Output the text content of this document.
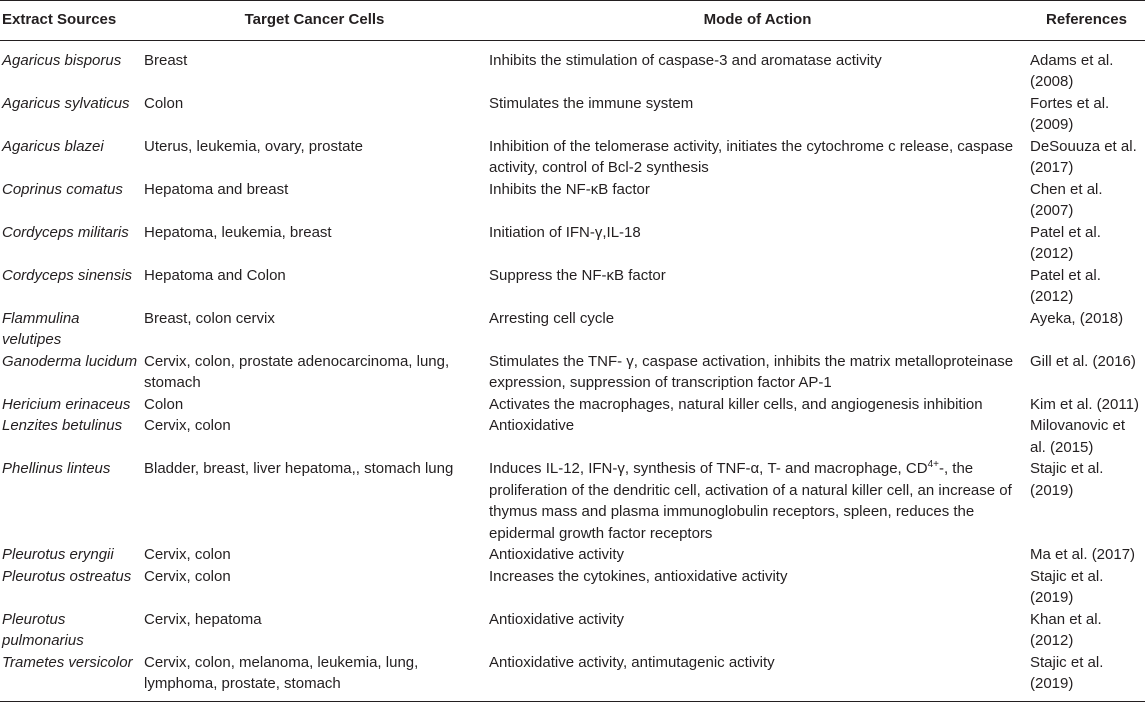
Extract Sources	Target Cancer Cells	Mode of Action	References
Agaricus bisporus	Breast	Inhibits the stimulation of caspase-3 and aromatase activity	Adams et al. (2008)
Agaricus sylvaticus	Colon	Stimulates the immune system	Fortes et al. (2009)
Agaricus blazei	Uterus, leukemia, ovary, prostate	Inhibition of the telomerase activity, initiates the cytochrome c release, caspase activity, control of Bcl-2 synthesis	DeSouuza et al. (2017)
Coprinus comatus	Hepatoma and breast	Inhibits the NF-κB factor	Chen et al. (2007)
Cordyceps militaris	Hepatoma, leukemia, breast	Initiation of IFN-γ,IL-18	Patel et al. (2012)
Cordyceps sinensis	Hepatoma and Colon	Suppress the NF-κB factor	Patel et al. (2012)
Flammulina velutipes	Breast, colon cervix	Arresting cell cycle	Ayeka, (2018)
Ganoderma lucidum	Cervix, colon, prostate adenocarcinoma, lung, stomach	Stimulates the TNF- γ, caspase activation, inhibits the matrix metalloproteinase expression, suppression of transcription factor AP-1	Gill et al. (2016)
Hericium erinaceus	Colon	Activates the macrophages, natural killer cells, and angiogenesis inhibition	Kim et al. (2011)
Lenzites betulinus	Cervix, colon	Antioxidative	Milovanovic et al. (2015)
Phellinus linteus	Bladder, breast, liver hepatoma,, stomach lung	Induces IL-12, IFN-γ, synthesis of TNF-α, T- and macrophage, $CD^{4+}-$, the proliferation of the dendritic cell, activation of a natural killer cell, an increase of thymus mass and plasma immunoglobulin receptors, spleen, reduces the epidermal growth factor receptors	Stajic et al. (2019)
Pleurotus eryngii	Cervix, colon	Antioxidative activity	Ma et al. (2017)
Pleurotus ostreatus	Cervix, colon	Increases the cytokines, antioxidative activity	Stajic et al. (2019)
Pleurotus pulmonarius	Cervix, hepatoma	Antioxidative activity	Khan et al. (2012)
Trametes versicolor	Cervix, colon, melanoma, leukemia, lung, lymphoma, prostate, stomach	Antioxidative activity, antimutagenic activity	Stajic et al. (2019)
